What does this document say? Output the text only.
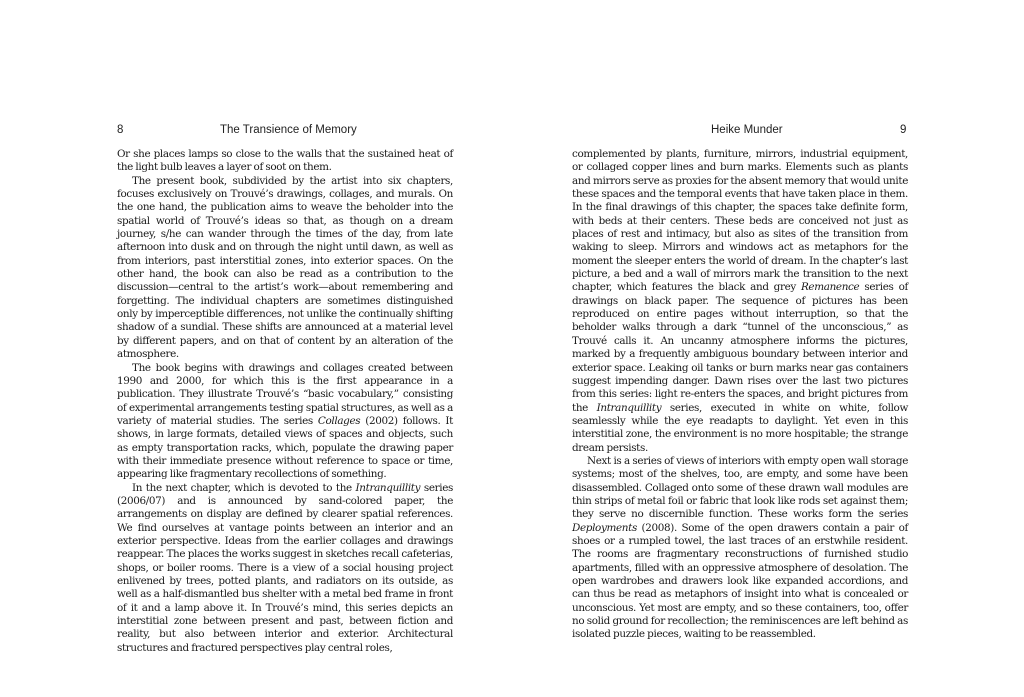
8	The Transience of Memory

Or she places lamps so close to the walls that the sustained heat of the light bulb leaves a layer of soot on them.

The present book, subdivided by the artist into six chapters, focuses exclusively on Trouvé’s drawings, collages, and murals. On the one hand, the publication aims to weave the beholder into the spatial world of Trouvé’s ideas so that, as though on a dream journey, s/he can wander through the times of the day, from late afternoon into dusk and on through the night until dawn, as well as from interiors, past interstitial zones, into exterior spaces. On the other hand, the book can also be read as a contribution to the discussion—central to the artist’s work—about remembering and forgetting. The individual chapters are sometimes distinguished only by imperceptible differences, not unlike the continually shifting shadow of a sundial. These shifts are announced at a material level by different papers, and on that of content by an alteration of the atmosphere.

The book begins with drawings and collages created between 1990 and 2000, for which this is the first appearance in a publication. They illustrate Trouvé’s “basic vocabulary,” consisting of experimental arrangements testing spatial structures, as well as a variety of material studies. The series Collages (2002) follows. It shows, in large formats, detailed views of spaces and objects, such as empty transportation racks, which, populate the drawing paper with their immediate presence without reference to space or time, appearing like fragmentary recollections of something.

In the next chapter, which is devoted to the Intranquillity series (2006/07) and is announced by sand-colored paper, the arrangements on display are defined by clearer spatial references. We find ourselves at vantage points between an interior and an exterior perspective. Ideas from the earlier collages and drawings reappear. The places the works suggest in sketches recall cafeterias, shops, or boiler rooms. There is a view of a social housing project enlivened by trees, potted plants, and radiators on its outside, as well as a half-dismantled bus shelter with a metal bed frame in front of it and a lamp above it. In Trouvé’s mind, this series depicts an interstitial zone between present and past, between fiction and reality, but also between interior and exterior. Architectural structures and fractured perspectives play central roles,

Heike Munder	9

complemented by plants, furniture, mirrors, industrial equipment, or collaged copper lines and burn marks. Elements such as plants and mirrors serve as proxies for the absent memory that would unite these spaces and the temporal events that have taken place in them. In the final drawings of this chapter, the spaces take definite form, with beds at their centers. These beds are conceived not just as places of rest and intimacy, but also as sites of the transition from waking to sleep. Mirrors and windows act as metaphors for the moment the sleeper enters the world of dream. In the chapter’s last picture, a bed and a wall of mirrors mark the transition to the next chapter, which features the black and grey Remanence series of drawings on black paper. The sequence of pictures has been reproduced on entire pages without interruption, so that the beholder walks through a dark “tunnel of the unconscious,” as Trouvé calls it. An uncanny atmosphere informs the pictures, marked by a frequently ambiguous boundary between interior and exterior space. Leaking oil tanks or burn marks near gas containers suggest impending danger. Dawn rises over the last two pictures from this series: light re-enters the spaces, and bright pictures from the Intranquillity series, executed in white on white, follow seamlessly while the eye readapts to daylight. Yet even in this interstitial zone, the environment is no more hospitable; the strange dream persists.

Next is a series of views of interiors with empty open wall storage systems; most of the shelves, too, are empty, and some have been disassembled. Collaged onto some of these drawn wall modules are thin strips of metal foil or fabric that look like rods set against them; they serve no discernible function. These works form the series Deployments (2008). Some of the open drawers contain a pair of shoes or a rumpled towel, the last traces of an erstwhile resident. The rooms are fragmentary reconstructions of furnished studio apartments, filled with an oppressive atmosphere of desolation. The open wardrobes and drawers look like expanded accordions, and can thus be read as metaphors of insight into what is concealed or unconscious. Yet most are empty, and so these containers, too, offer no solid ground for recollection; the reminiscences are left behind as isolated puzzle pieces, waiting to be reassembled.
